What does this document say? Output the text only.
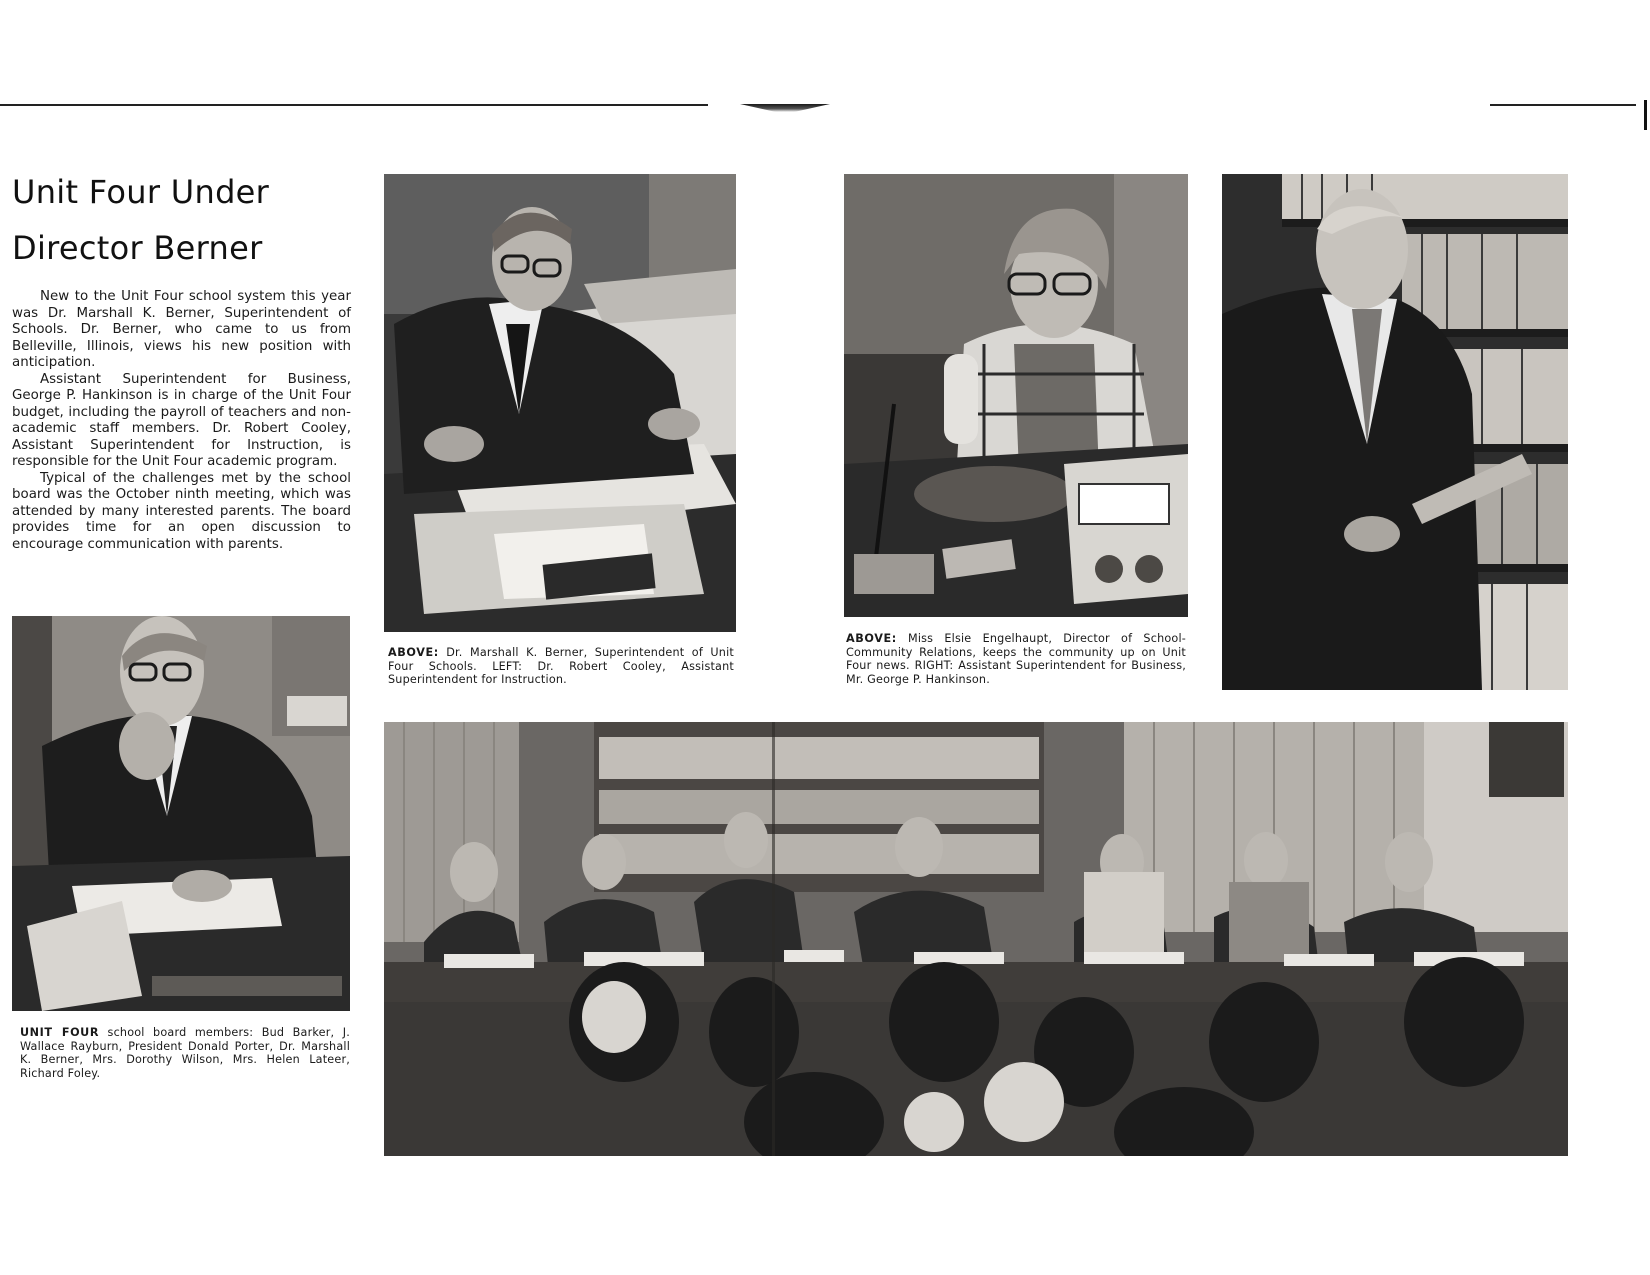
Unit Four Under
Director Berner

New to the Unit Four school system this year was Dr. Marshall K. Berner, Superintendent of Schools. Dr. Berner, who came to us from Belleville, Illinois, views his new position with anticipation.

Assistant Superintendent for Business, George P. Hankinson is in charge of the Unit Four budget, including the payroll of teachers and non-academic staff members. Dr. Robert Cooley, Assistant Superintendent for Instruction, is responsible for the Unit Four academic program.

Typical of the challenges met by the school board was the October ninth meeting, which was attended by many interested parents. The board provides time for an open discussion to encourage communication with parents.

ABOVE: Dr. Marshall K. Berner, Superintendent of Unit Four Schools. LEFT: Dr. Robert Cooley, Assistant Superintendent for Instruction.
ABOVE: Miss Elsie Engelhaupt, Director of School-Community Relations, keeps the community up on Unit Four news. RIGHT: Assistant Superintendent for Business, Mr. George P. Hankinson.
UNIT FOUR school board members: Bud Barker, J. Wallace Rayburn, President Donald Porter, Dr. Marshall K. Berner, Mrs. Dorothy Wilson, Mrs. Helen Lateer, Richard Foley.
